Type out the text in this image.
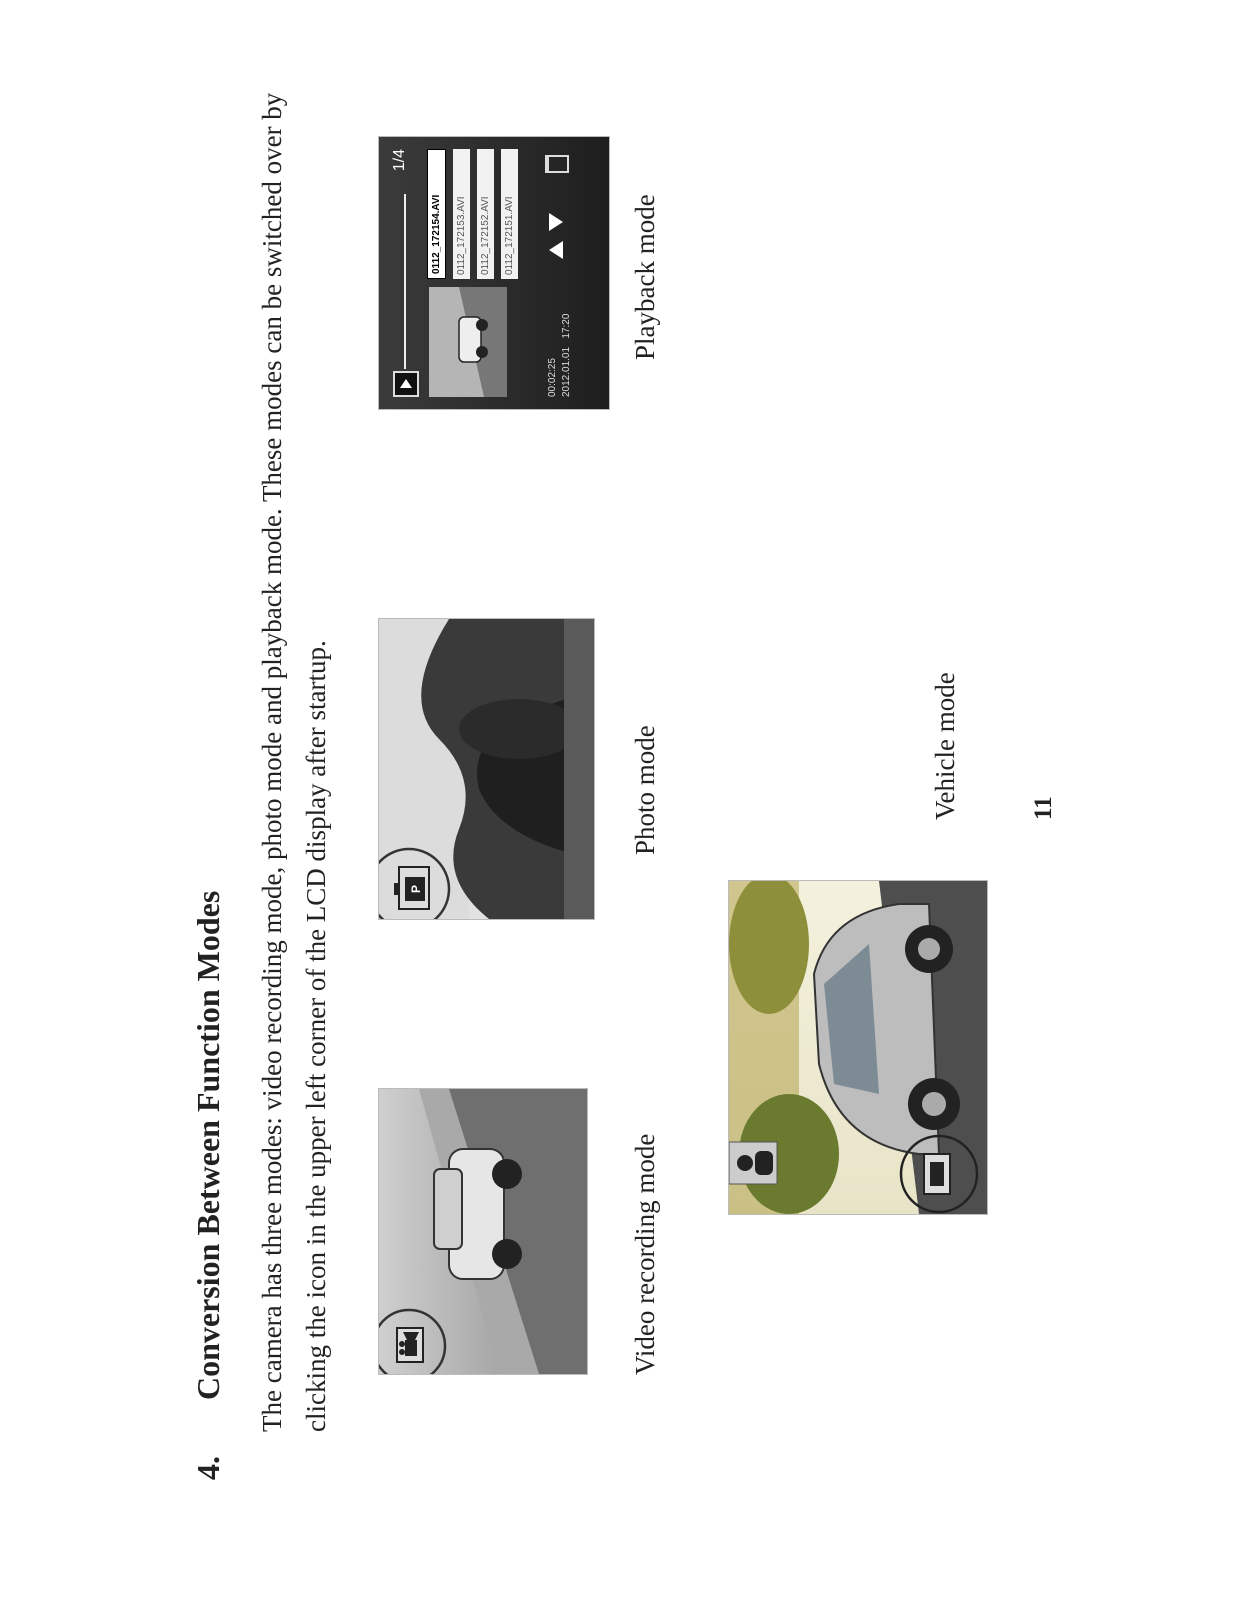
4.Conversion Between Function Modes The camera has three modes: video recording mode, photo mode and playback mode. These modes can be switched over by clicking the icon in the upper left corner of the LCD display after startup.	Video recording mode
P
Photo mode
1/4
0112_172154.AVI	0112_172153.AVI	0112_172152.AVI	0112_172151.AVI
00:02:25 2012.01.01   17:20 Playback mode
Vehicle mode	11
